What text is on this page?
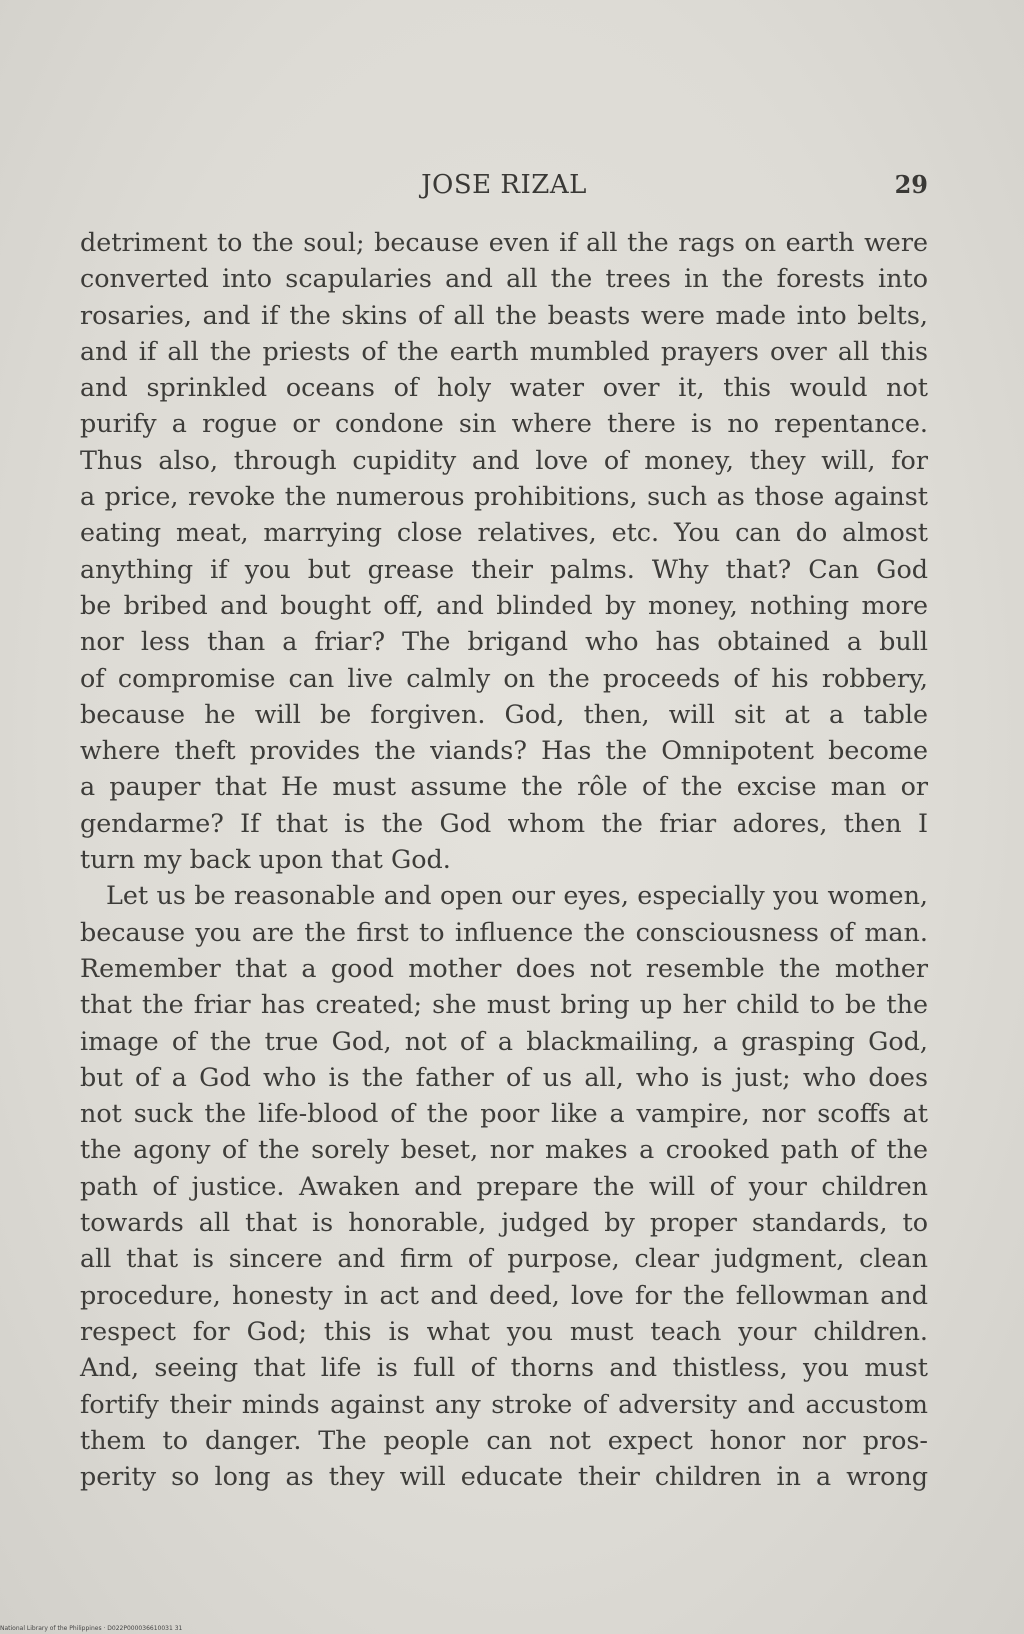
JOSE RIZAL	29
detriment to the soul; because even if all the rags on earth were
converted into scapularies and all the trees in the forests into
rosaries, and if the skins of all the beasts were made into belts,
and if all the priests of the earth mumbled prayers over all this
and sprinkled oceans of holy water over it, this would not
purify a rogue or condone sin where there is no repentance.
Thus also, through cupidity and love of money, they will, for
a price, revoke the numerous prohibitions, such as those against
eating meat, marrying close relatives, etc. You can do almost
anything if you but grease their palms. Why that? Can God
be bribed and bought off, and blinded by money, nothing more
nor less than a friar? The brigand who has obtained a bull
of compromise can live calmly on the proceeds of his robbery,
because he will be forgiven. God, then, will sit at a table
where theft provides the viands? Has the Omnipotent become
a pauper that He must assume the rôle of the excise man or
gendarme? If that is the God whom the friar adores, then I
turn my back upon that God.
Let us be reasonable and open our eyes, especially you women,
because you are the first to influence the consciousness of man.
Remember that a good mother does not resemble the mother
that the friar has created; she must bring up her child to be the
image of the true God, not of a blackmailing, a grasping God,
but of a God who is the father of us all, who is just; who does
not suck the life-blood of the poor like a vampire, nor scoffs at
the agony of the sorely beset, nor makes a crooked path of the
path of justice. Awaken and prepare the will of your children
towards all that is honorable, judged by proper standards, to
all that is sincere and firm of purpose, clear judgment, clean
procedure, honesty in act and deed, love for the fellowman and
respect for God; this is what you must teach your children.
And, seeing that life is full of thorns and thistless, you must
fortify their minds against any stroke of adversity and accustom
them to danger. The people can not expect honor nor pros-
perity so long as they will educate their children in a wrong
National Library of the Philippines · D022P000036610031 31
